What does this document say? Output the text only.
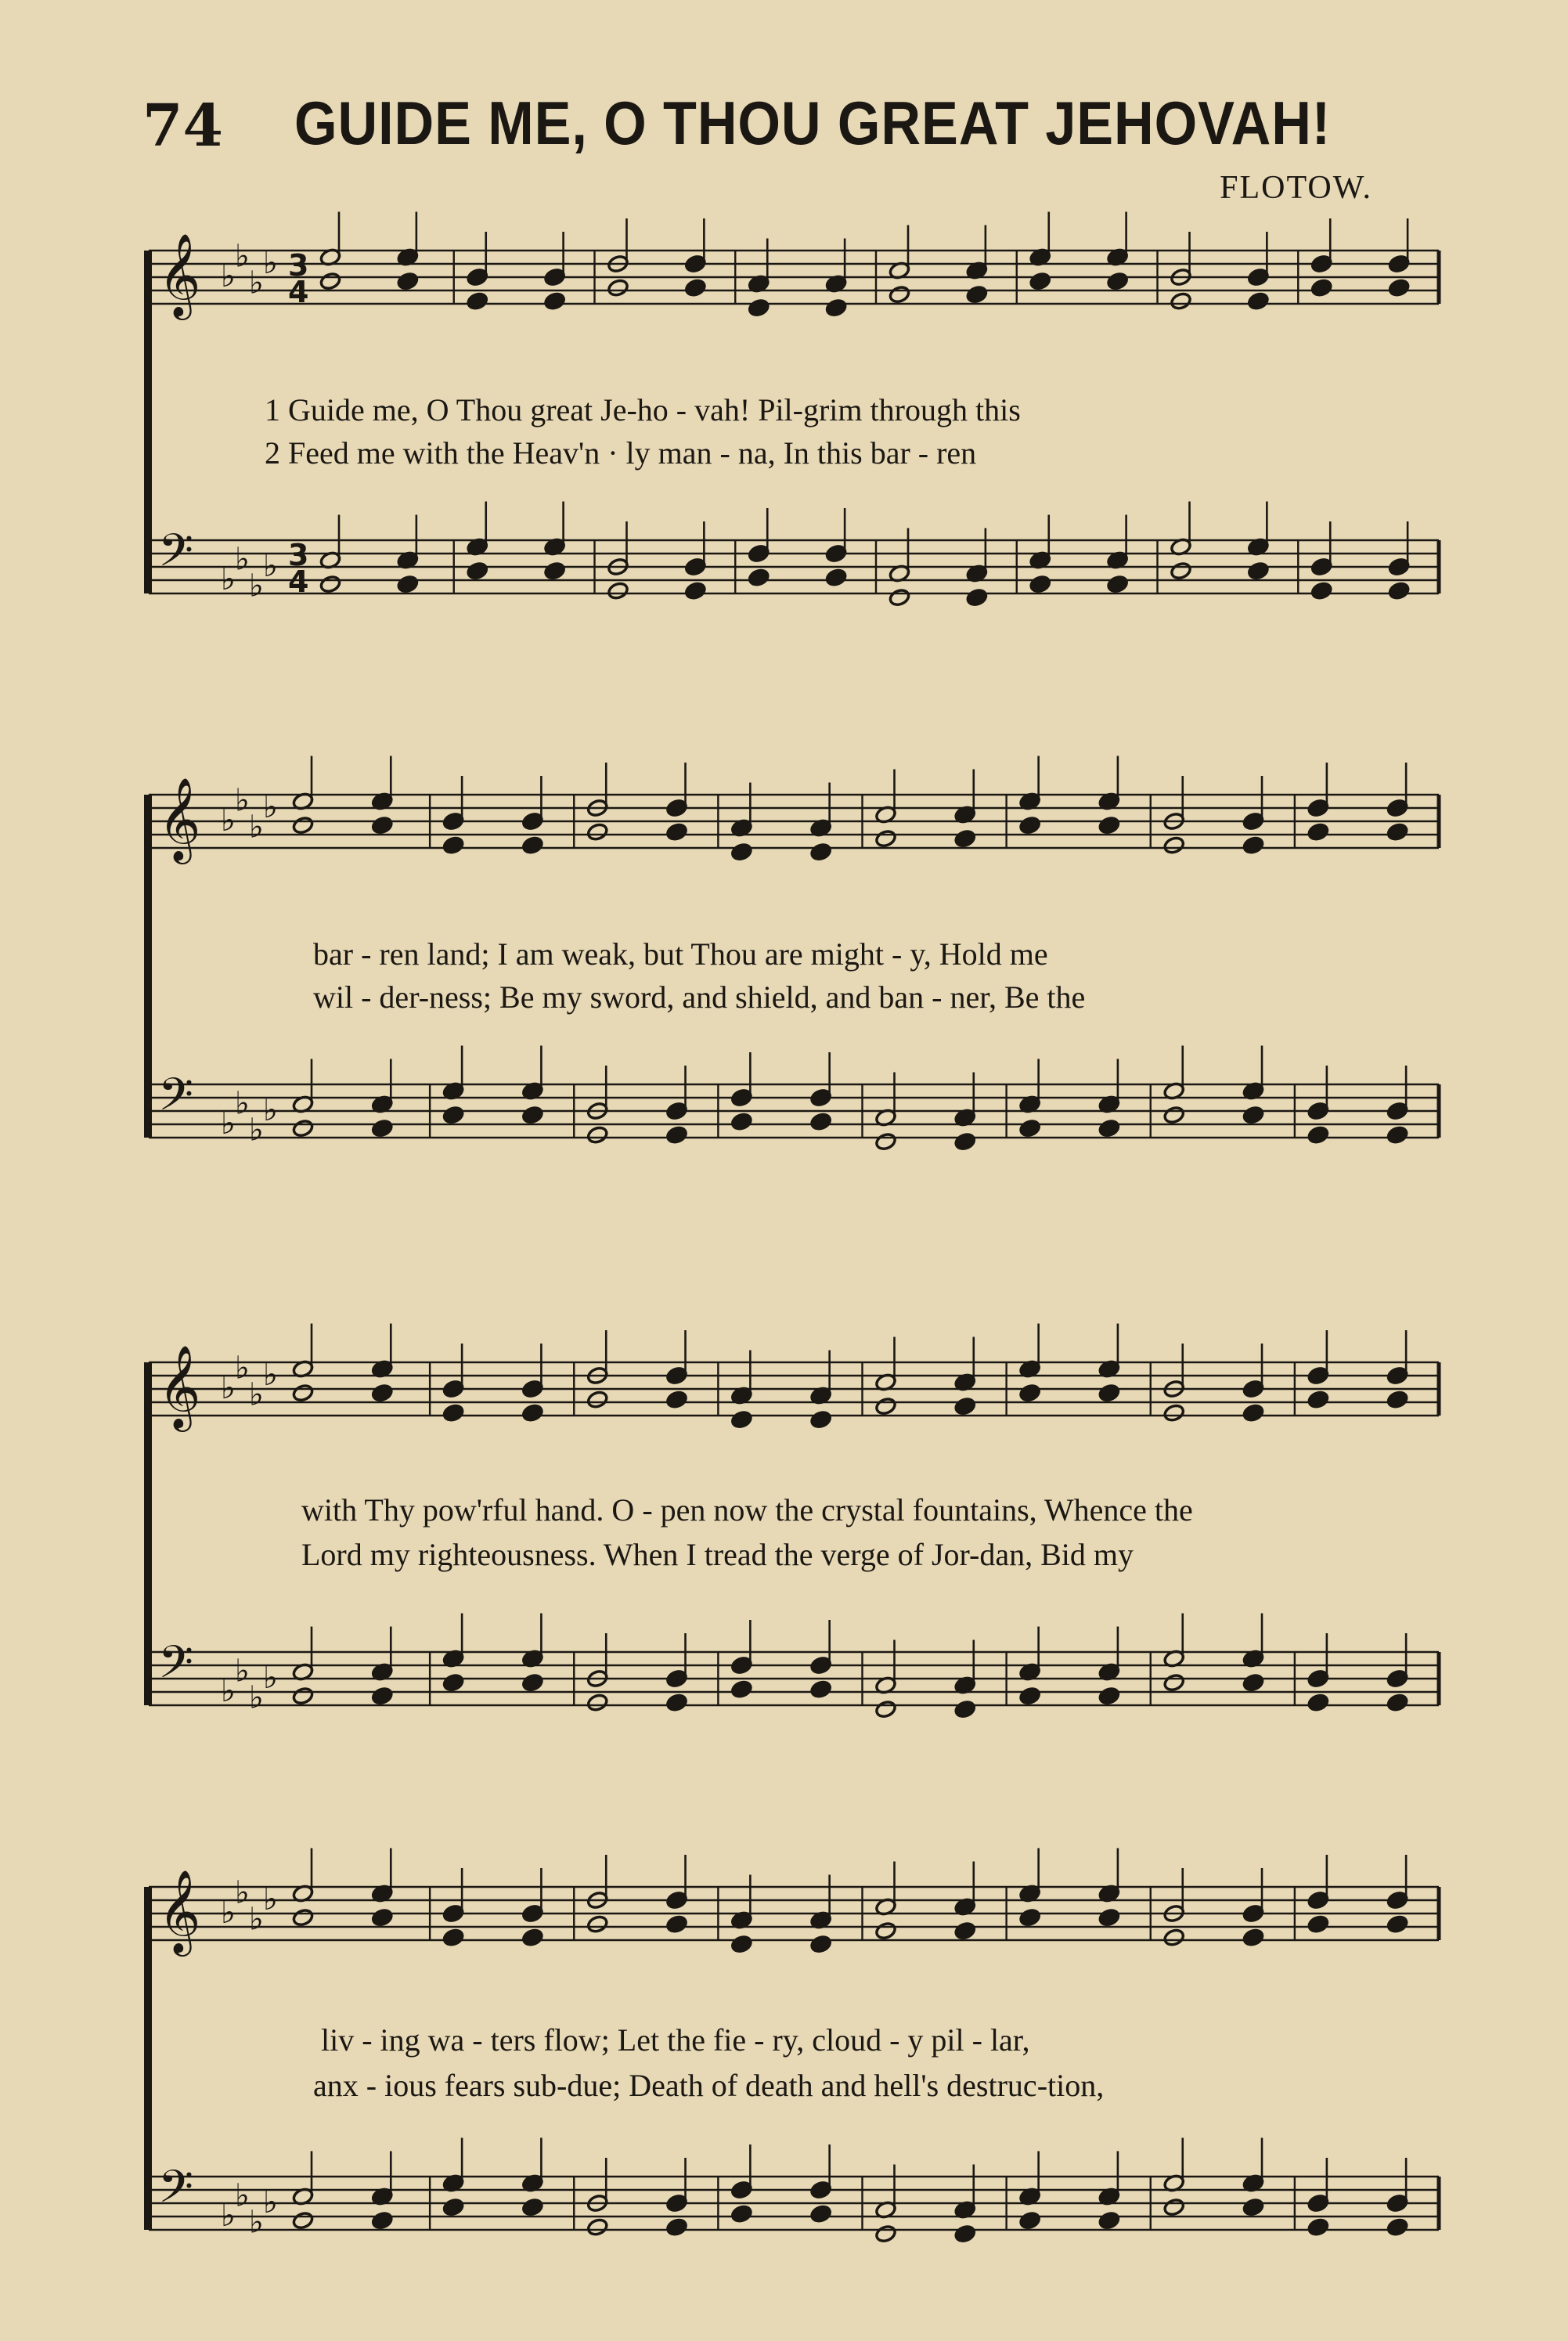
74 GUIDE ME, O THOU GREAT JEHOVAH!
FLOTOW.
𝄞 ♭
♭
♭
♭ 3
4
𝄢 ♭
♭
♭
♭ 3
4
1 Guide me, O Thou great Je-ho - vah! Pil-grim through this
2 Feed me with the Heav'n · ly man - na, In this bar - ren
𝄞 ♭
♭
♭
♭
𝄢 ♭
♭
♭
♭
bar - ren land; I am weak, but Thou are might - y, Hold me
wil - der-ness; Be my sword, and shield, and ban - ner, Be the
𝄞 ♭
♭
♭
♭
𝄢 ♭
♭
♭
♭
with Thy pow'rful hand. O - pen now the crystal fountains, Whence the
Lord my righteousness. When I tread the verge of Jor-dan, Bid my
𝄞 ♭
♭
♭
♭
𝄢 ♭
♭
♭
♭
liv - ing wa - ters flow; Let the fie - ry, cloud - y pil - lar,
anx - ious fears sub-due; Death of death and hell's destruc-tion,
